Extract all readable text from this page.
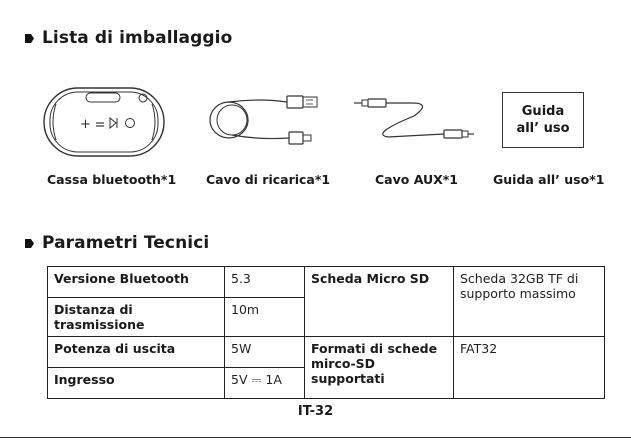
Lista di imballaggio
+
Guida
all’ uso
Cassa bluetooth*1 Cavo di ricarica*1	Cavo AUX*1	Guida all’ uso*1
Parametri Tecnici
Versione Bluetooth	5.3	Scheda Micro SD	Scheda 32GB TF di supporto massimo
Distanza di trasmissione	10m		
Potenza di uscita	5W	Formati di schede mirco-SD supportati	FAT32
Ingresso	5V ⎓ 1A		
IT-32
